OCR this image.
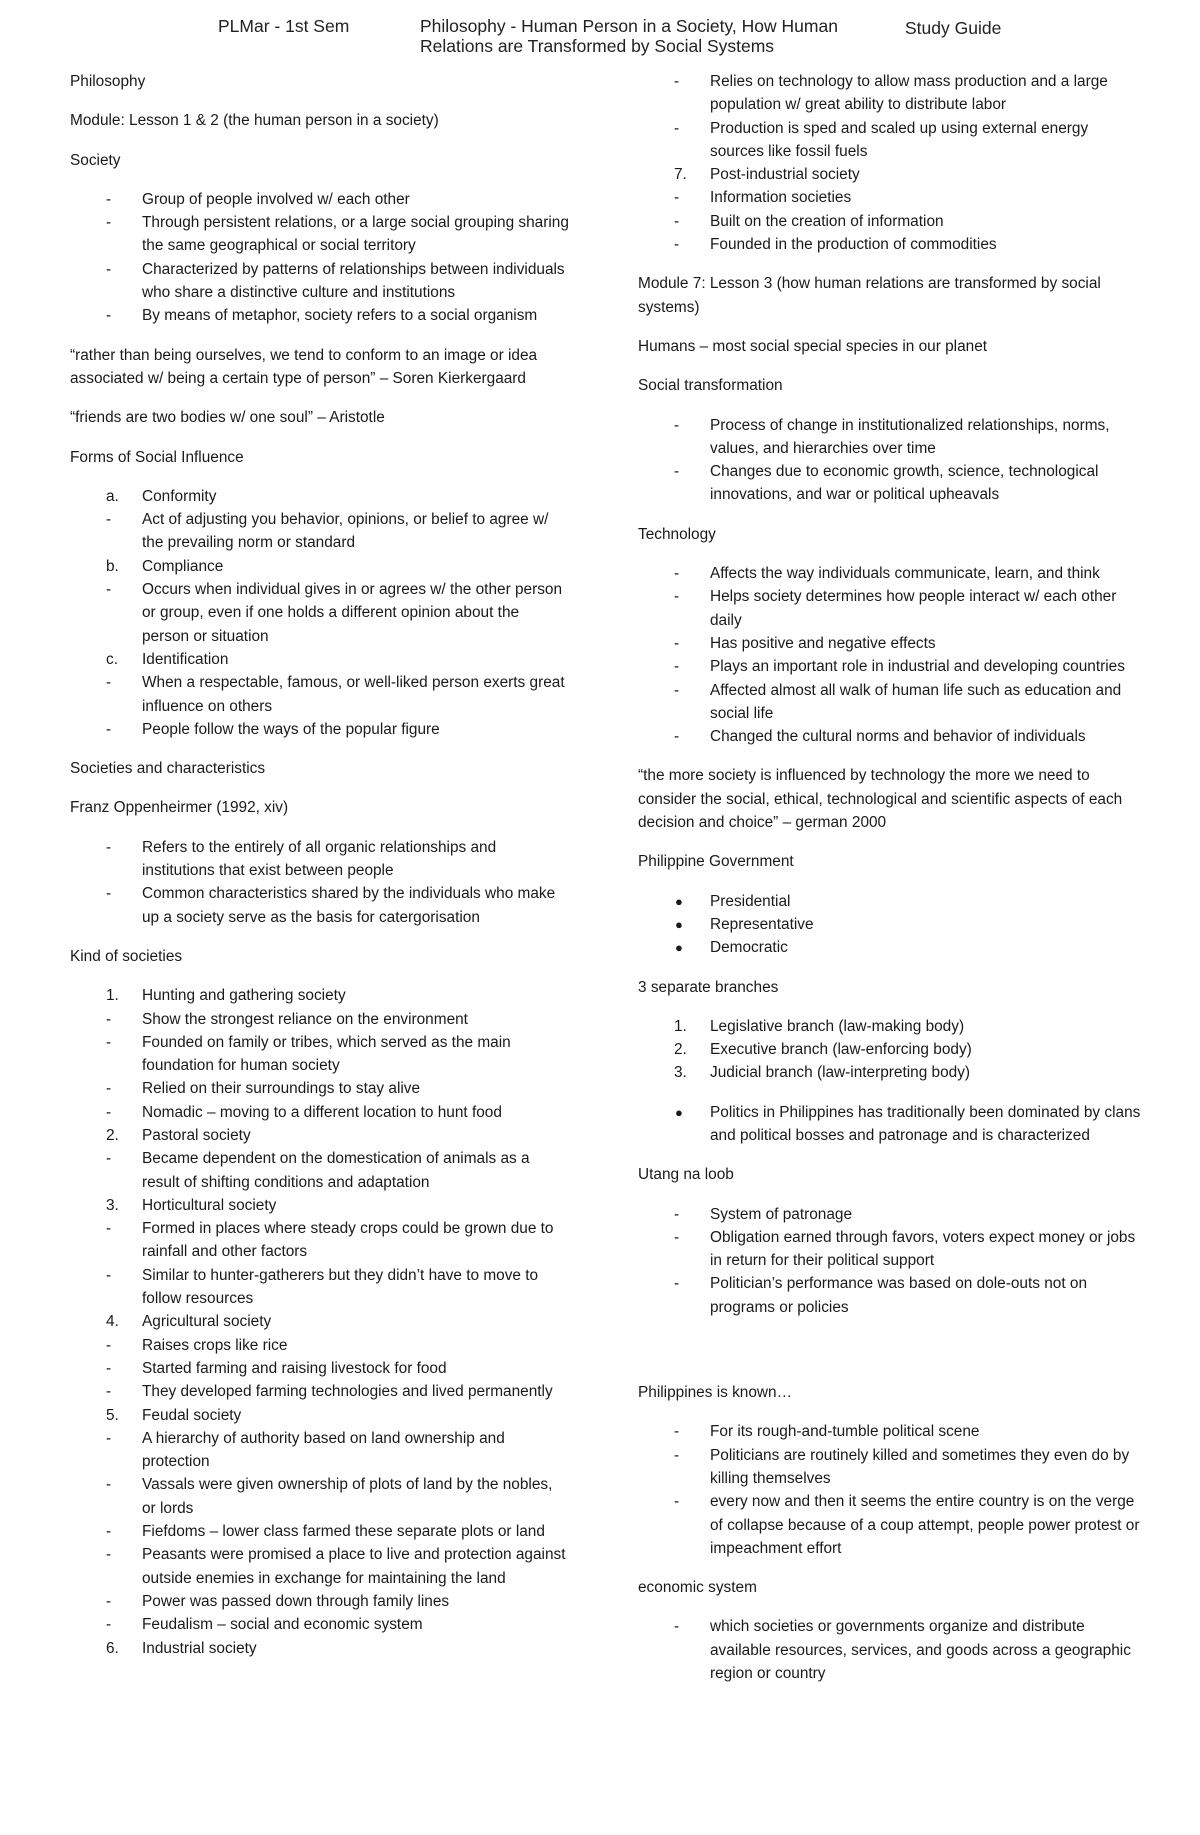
PLMar - 1st Sem	Philosophy - Human Person in a Society, How Human
Relations are Transformed by Social Systems
Study Guide

Philosophy

Module: Lesson 1 & 2 (the human person in a society)

Society

-	Group of people involved w/ each other
-	Through persistent relations, or a large social grouping sharing the same geographical or social territory
-	Characterized by patterns of relationships between individuals who share a distinctive culture and institutions
-	By means of metaphor, society refers to a social organism

“rather than being ourselves, we tend to conform to an image or idea associated w/ being a certain type of person” – Soren Kierkergaard

“friends are two bodies w/ one soul” – Aristotle

Forms of Social Influence

a.	Conformity
-	Act of adjusting you behavior, opinions, or belief to agree w/ the prevailing norm or standard
b.	Compliance
-	Occurs when individual gives in or agrees w/ the other person or group, even if one holds a different opinion about the person or situation
c.	Identification
-	When a respectable, famous, or well-liked person exerts great influence on others
-	People follow the ways of the popular figure

Societies and characteristics

Franz Oppenheirmer (1992, xiv)

-	Refers to the entirely of all organic relationships and institutions that exist between people
-	Common characteristics shared by the individuals who make up a society serve as the basis for catergorisation

Kind of societies

1.	Hunting and gathering society
-	Show the strongest reliance on the environment
-	Founded on family or tribes, which served as the main foundation for human society
-	Relied on their surroundings to stay alive
-	Nomadic – moving to a different location to hunt food
2.	Pastoral society
-	Became dependent on the domestication of animals as a result of shifting conditions and adaptation
3.	Horticultural society
-	Formed in places where steady crops could be grown due to rainfall and other factors
-	Similar to hunter-gatherers but they didn’t have to move to follow resources
4.	Agricultural society
-	Raises crops like rice
-	Started farming and raising livestock for food
-	They developed farming technologies and lived permanently
5.	Feudal society
-	A hierarchy of authority based on land ownership and protection
-	Vassals were given ownership of plots of land by the nobles, or lords
-	Fiefdoms – lower class farmed these separate plots or land
-	Peasants were promised a place to live and protection against outside enemies in exchange for maintaining the land
-	Power was passed down through family lines
-	Feudalism – social and economic system
6.	Industrial society
-	Relies on technology to allow mass production and a large population w/ great ability to distribute labor
-	Production is sped and scaled up using external energy sources like fossil fuels
7.	Post-industrial society
-	Information societies
-	Built on the creation of information
-	Founded in the production of commodities

Module 7: Lesson 3 (how human relations are transformed by social systems)

Humans – most social special species in our planet

Social transformation

-	Process of change in institutionalized relationships, norms, values, and hierarchies over time
-	Changes due to economic growth, science, technological innovations, and war or political upheavals

Technology

-	Affects the way individuals communicate, learn, and think
-	Helps society determines how people interact w/ each other daily
-	Has positive and negative effects
-	Plays an important role in industrial and developing countries
-	Affected almost all walk of human life such as education and social life
-	Changed the cultural norms and behavior of individuals

“the more society is influenced by technology the more we need to consider the social, ethical, technological and scientific aspects of each decision and choice” – german 2000

Philippine Government

●	Presidential
●	Representative
●	Democratic

3 separate branches

1.	Legislative branch (law-making body)
2.	Executive branch (law-enforcing body)
3.	Judicial branch (law-interpreting body)
●	Politics in Philippines has traditionally been dominated by clans and political bosses and patronage and is characterized

Utang na loob

-	System of patronage
-	Obligation earned through favors, voters expect money or jobs in return for their political support
-	Politician’s performance was based on dole-outs not on programs or policies

Philippines is known…

-	For its rough-and-tumble political scene
-	Politicians are routinely killed and sometimes they even do by killing themselves
-	every now and then it seems the entire country is on the verge of collapse because of a coup attempt, people power protest or impeachment effort

economic system

-	which societies or governments organize and distribute available resources, services, and goods across a geographic region or country
